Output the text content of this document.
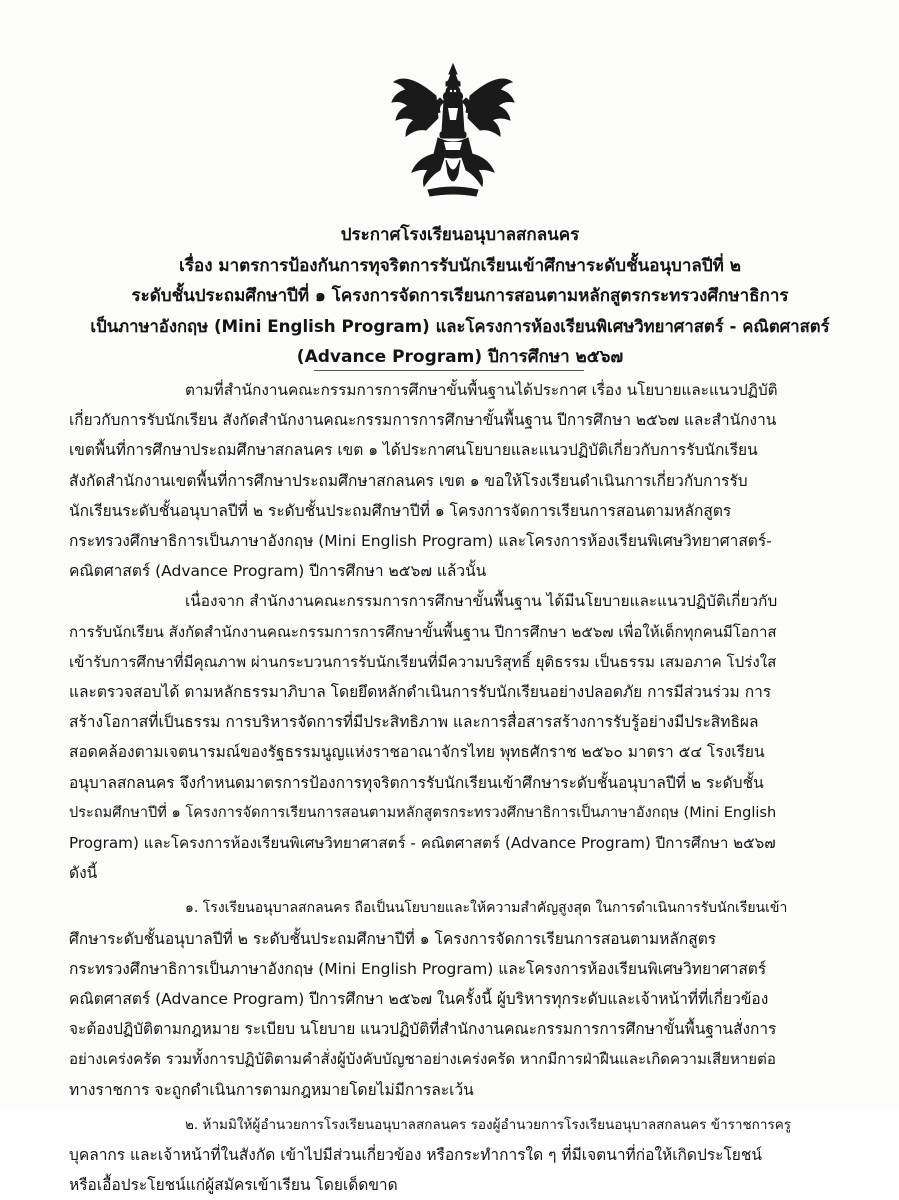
ประกาศโรงเรียนอนุบาลสกลนคร
เรื่อง มาตรการป้องกันการทุจริตการรับนักเรียนเข้าศึกษาระดับชั้นอนุบาลปีที่ ๒
ระดับชั้นประถมศึกษาปีที่ ๑ โครงการจัดการเรียนการสอนตามหลักสูตรกระทรวงศึกษาธิการ
เป็นภาษาอังกฤษ (Mini English Program) และโครงการห้องเรียนพิเศษวิทยาศาสตร์ - คณิตศาสตร์
(Advance Program) ปีการศึกษา ๒๕๖๗

ตามที่สำนักงานคณะกรรมการการศึกษาขั้นพื้นฐานได้ประกาศ เรื่อง นโยบายและแนวปฏิบัติ
เกี่ยวกับการรับนักเรียน สังกัดสำนักงานคณะกรรมการการศึกษาขั้นพื้นฐาน ปีการศึกษา ๒๕๖๗ และสำนักงาน
เขตพื้นที่การศึกษาประถมศึกษาสกลนคร เขต ๑ ได้ประกาศนโยบายและแนวปฏิบัติเกี่ยวกับการรับนักเรียน
สังกัดสำนักงานเขตพื้นที่การศึกษาประถมศึกษาสกลนคร เขต ๑ ขอให้โรงเรียนดำเนินการเกี่ยวกับการรับ
นักเรียนระดับชั้นอนุบาลปีที่ ๒ ระดับชั้นประถมศึกษาปีที่ ๑ โครงการจัดการเรียนการสอนตามหลักสูตร
กระทรวงศึกษาธิการเป็นภาษาอังกฤษ (Mini English Program) และโครงการห้องเรียนพิเศษวิทยาศาสตร์-
คณิตศาสตร์ (Advance Program) ปีการศึกษา ๒๕๖๗ แล้วนั้น

เนื่องจาก สำนักงานคณะกรรมการการศึกษาขั้นพื้นฐาน ได้มีนโยบายและแนวปฏิบัติเกี่ยวกับ
การรับนักเรียน สังกัดสำนักงานคณะกรรมการการศึกษาขั้นพื้นฐาน ปีการศึกษา ๒๕๖๗ เพื่อให้เด็กทุกคนมีโอกาส
เข้ารับการศึกษาที่มีคุณภาพ ผ่านกระบวนการรับนักเรียนที่มีความบริสุทธิ์ ยุติธรรม เป็นธรรม เสมอภาค โปร่งใส
และตรวจสอบได้ ตามหลักธรรมาภิบาล โดยยึดหลักดำเนินการรับนักเรียนอย่างปลอดภัย การมีส่วนร่วม การ
สร้างโอกาสที่เป็นธรรม การบริหารจัดการที่มีประสิทธิภาพ และการสื่อสารสร้างการรับรู้อย่างมีประสิทธิผล
สอดคล้องตามเจตนารมณ์ของรัฐธรรมนูญแห่งราชอาณาจักรไทย พุทธศักราช ๒๕๖๐ มาตรา ๕๔ โรงเรียน
อนุบาลสกลนคร จึงกำหนดมาตรการป้องการทุจริตการรับนักเรียนเข้าศึกษาระดับชั้นอนุบาลปีที่ ๒ ระดับชั้น
ประถมศึกษาปีที่ ๑ โครงการจัดการเรียนการสอนตามหลักสูตรกระทรวงศึกษาธิการเป็นภาษาอังกฤษ (Mini English
Program) และโครงการห้องเรียนพิเศษวิทยาศาสตร์ - คณิตศาสตร์ (Advance Program) ปีการศึกษา ๒๕๖๗
ดังนี้

๑. โรงเรียนอนุบาลสกลนคร ถือเป็นนโยบายและให้ความสำคัญสูงสุด ในการดำเนินการรับนักเรียนเข้า
ศึกษาระดับชั้นอนุบาลปีที่ ๒ ระดับชั้นประถมศึกษาปีที่ ๑ โครงการจัดการเรียนการสอนตามหลักสูตร
กระทรวงศึกษาธิการเป็นภาษาอังกฤษ (Mini English Program) และโครงการห้องเรียนพิเศษวิทยาศาสตร์
คณิตศาสตร์ (Advance Program) ปีการศึกษา ๒๕๖๗ ในครั้งนี้ ผู้บริหารทุกระดับและเจ้าหน้าที่ที่เกี่ยวข้อง
จะต้องปฏิบัติตามกฎหมาย ระเบียบ นโยบาย แนวปฏิบัติที่สำนักงานคณะกรรมการการศึกษาขั้นพื้นฐานสั่งการ
อย่างเคร่งครัด รวมทั้งการปฏิบัติตามคำสั่งผู้บังคับบัญชาอย่างเคร่งครัด หากมีการฝ่าฝืนและเกิดความเสียหายต่อ
ทางราชการ จะถูกดำเนินการตามกฎหมายโดยไม่มีการละเว้น

๒. ห้ามมิให้ผู้อำนวยการโรงเรียนอนุบาลสกลนคร รองผู้อำนวยการโรงเรียนอนุบาลสกลนคร ข้าราชการครู
บุคลากร และเจ้าหน้าที่ในสังกัด เข้าไปมีส่วนเกี่ยวข้อง หรือกระทำการใด ๆ ที่มีเจตนาที่ก่อให้เกิดประโยชน์
หรือเอื้อประโยชน์แก่ผู้สมัครเข้าเรียน โดยเด็ดขาด
